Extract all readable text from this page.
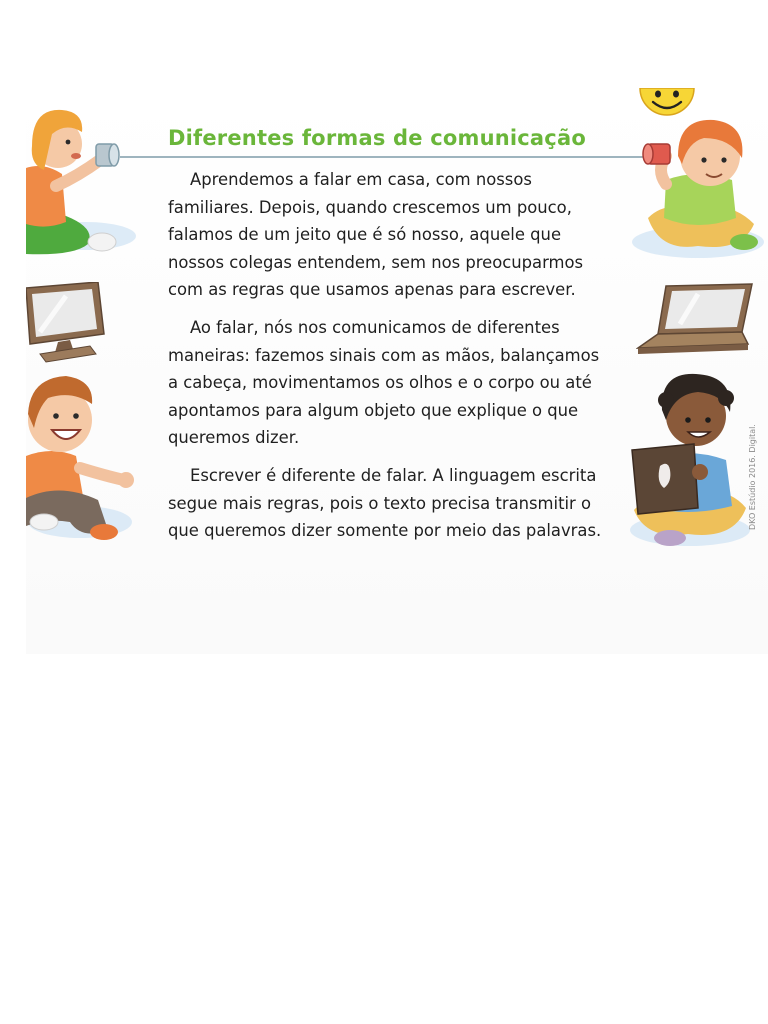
Diferentes formas de comunicação

Aprendemos a falar em casa, com nossos familiares. Depois, quando crescemos um pouco, falamos de um jeito que é só nosso, aquele que nossos colegas entendem, sem nos preocuparmos com as regras que usamos apenas para escrever.

Ao falar, nós nos comunicamos de diferentes maneiras: fazemos sinais com as mãos, balançamos a cabeça, movimentamos os olhos e o corpo ou até apontamos para algum objeto que explique o que queremos dizer.

Escrever é diferente de falar. A linguagem escrita segue mais regras, pois o texto precisa transmitir o que queremos dizer somente por meio das palavras.

DKO Estúdio 2016. Digital.
